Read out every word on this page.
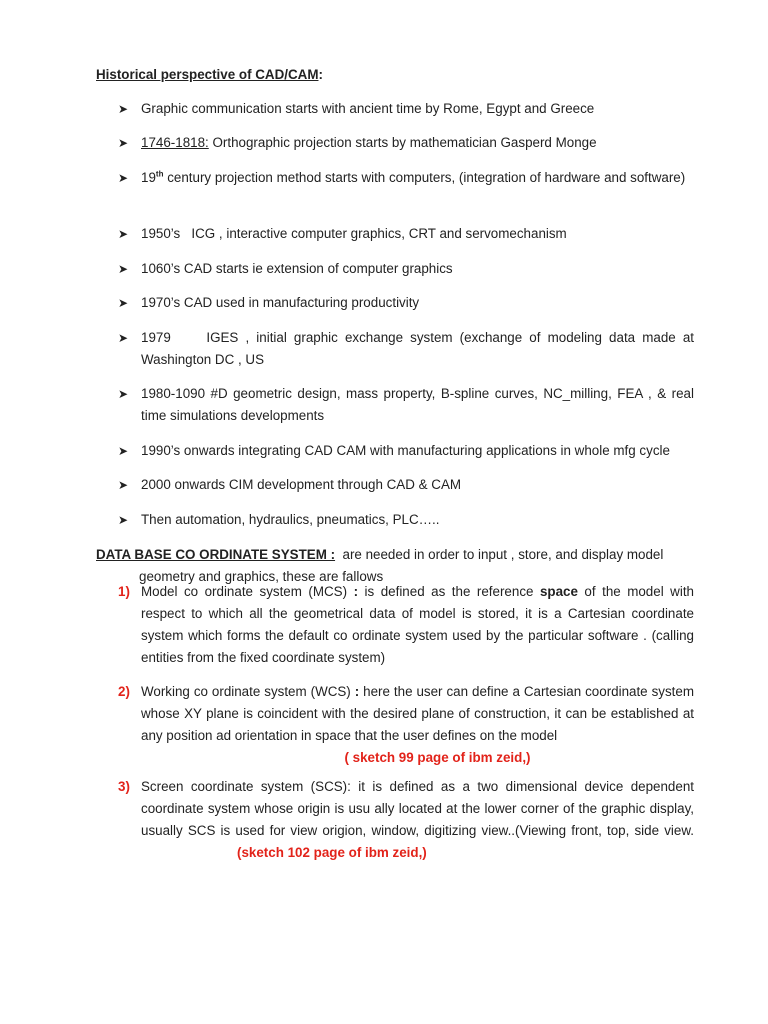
Historical perspective of CAD/CAM:
➤ Graphic communication starts with ancient time by Rome, Egypt and Greece
➤ 1746-1818: Orthographic projection starts by mathematician Gasperd Monge
➤ 19th century projection method starts with computers, (integration of hardware and software)
➤ 1950’s   ICG , interactive computer graphics, CRT and servomechanism
➤ 1060’s CAD starts ie extension of computer graphics
➤ 1970’s CAD used in manufacturing productivity
➤ 1979     IGES , initial graphic exchange system (exchange of modeling data made at Washington DC , US
➤ 1980-1090 #D geometric design, mass property, B-spline curves, NC_milling, FEA , & real time simulations developments
➤ 1990’s onwards integrating CAD CAM with manufacturing applications in whole mfg cycle
➤ 2000 onwards CIM development through CAD & CAM
➤ Then automation, hydraulics, pneumatics, PLC…..
DATA BASE CO ORDINATE SYSTEM :  are needed in order to input , store, and display model
geometry and graphics, these are fallows
1) Model co ordinate system (MCS) : is defined as the reference space of the model with respect to which all the geometrical data of model is stored, it is a Cartesian coordinate system which forms the default co ordinate system used by the particular software . (calling entities from the fixed coordinate system)
2) Working co ordinate system (WCS) : here the user can define a Cartesian coordinate system whose XY plane is coincident with the desired plane of construction, it can be established at any position ad orientation in space that the user defines on the model
( sketch 99 page of ibm zeid,)
3) Screen coordinate system (SCS): it is defined as a two dimensional device dependent coordinate system whose origin is usu ally located at the lower corner of the graphic display, usually SCS is used for view origion, window, digitizing view..(Viewing front, top, side view.(sketch 102 page of ibm zeid,)
